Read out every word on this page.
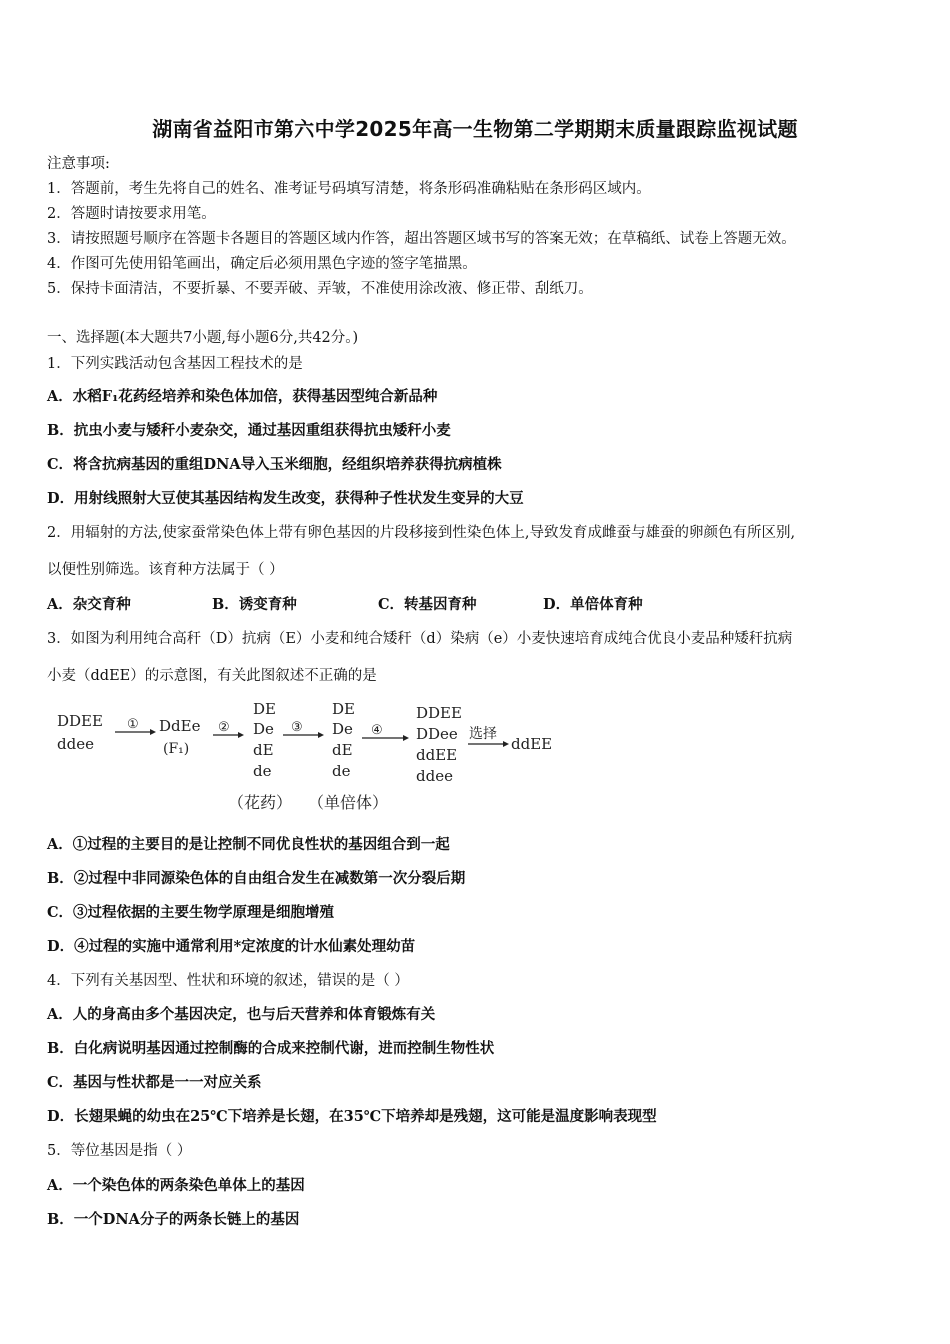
湖南省益阳市第六中学2025年高一生物第二学期期末质量跟踪监视试题
注意事项:
1．答题前，考生先将自己的姓名、准考证号码填写清楚，将条形码准确粘贴在条形码区域内。
2．答题时请按要求用笔。
3．请按照题号顺序在答题卡各题目的答题区域内作答，超出答题区域书写的答案无效；在草稿纸、试卷上答题无效。
4．作图可先使用铅笔画出，确定后必须用黑色字迹的签字笔描黑。
5．保持卡面清洁，不要折暴、不要弄破、弄皱，不准使用涂改液、修正带、刮纸刀。
一、选择题(本大题共7小题,每小题6分,共42分。)
1．下列实践活动包含基因工程技术的是
A．水稻F₁花药经培养和染色体加倍，获得基因型纯合新品种
B．抗虫小麦与矮秆小麦杂交，通过基因重组获得抗虫矮秆小麦
C．将含抗病基因的重组DNA导入玉米细胞，经组织培养获得抗病植株
D．用射线照射大豆使其基因结构发生改变，获得种子性状发生变异的大豆
2．用辐射的方法,使家蚕常染色体上带有卵色基因的片段移接到性染色体上,导致发育成雌蚕与雄蚕的卵颜色有所区别,
以便性别筛选。该育种方法属于（ ）
A．杂交育种	B．诱变育种	C．转基因育种	D．单倍体育种
3．如图为利用纯合高秆（D）抗病（E）小麦和纯合矮秆（d）染病（e）小麦快速培育成纯合优良小麦品种矮秆抗病
小麦（ddEE）的示意图，有关此图叙述不正确的是
DDEE
ddee
① DdEe
(F₁)
②
DE
De
dE
de
③
DE
De
dE
de
④
DDEE
DDee
ddEE
ddee
选择
ddEE
（花药） （单倍体）
A．①过程的主要目的是让控制不同优良性状的基因组合到一起
B．②过程中非同源染色体的自由组合发生在减数第一次分裂后期
C．③过程依据的主要生物学原理是细胞增殖
D．④过程的实施中通常利用*定浓度的计水仙素处理幼苗
4．下列有关基因型、性状和环境的叙述，错误的是（ ）
A．人的身高由多个基因决定，也与后天营养和体育锻炼有关
B．白化病说明基因通过控制酶的合成来控制代谢，进而控制生物性状
C．基因与性状都是一一对应关系
D．长翅果蝇的幼虫在25℃下培养是长翅，在35℃下培养却是残翅，这可能是温度影响表现型
5．等位基因是指（ ）
A．一个染色体的两条染色单体上的基因
B．一个DNA分子的两条长链上的基因
